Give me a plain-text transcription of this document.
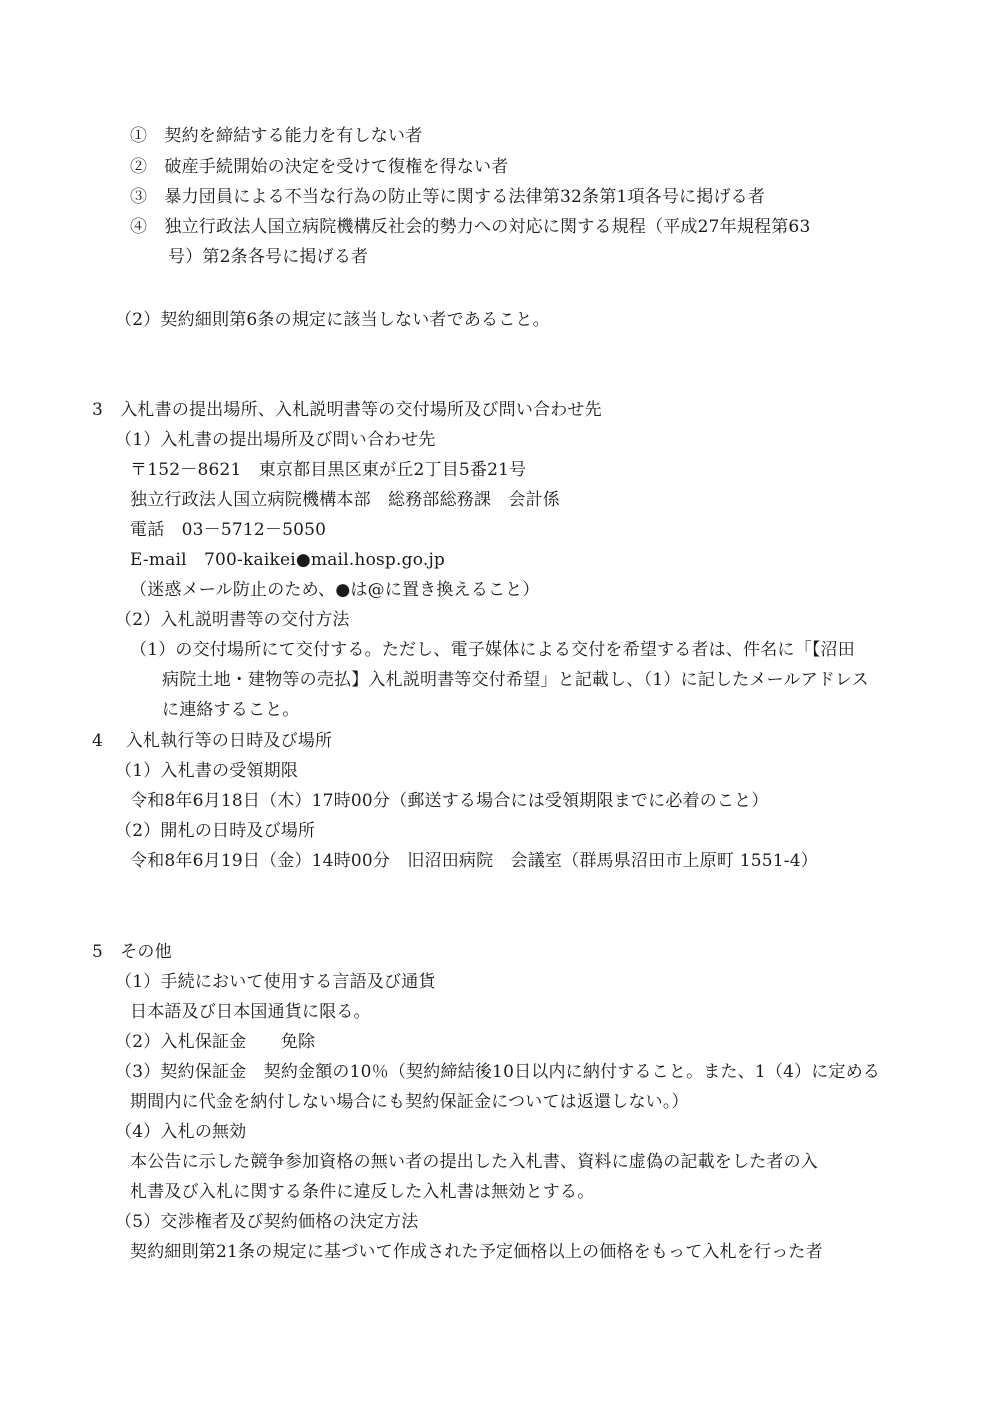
①　契約を締結する能力を有しない者
②　破産手続開始の決定を受けて復権を得ない者
③　暴力団員による不当な行為の防止等に関する法律第32条第1項各号に掲げる者
④　独立行政法人国立病院機構反社会的勢力への対応に関する規程（平成27年規程第63
号）第2条各号に掲げる者
（2）契約細則第6条の規定に該当しない者であること。
3　入札書の提出場所、入札説明書等の交付場所及び問い合わせ先
（1）入札書の提出場所及び問い合わせ先
〒152－8621　東京都目黒区東が丘2丁目5番21号
独立行政法人国立病院機構本部　総務部総務課　会計係
電話　03－5712－5050
E-mail　700-kaikei●mail.hosp.go.jp
（迷惑メール防止のため、●は@に置き換えること）
（2）入札説明書等の交付方法
（1）の交付場所にて交付する。ただし、電子媒体による交付を希望する者は、件名に「【沼田
病院土地・建物等の売払】入札説明書等交付希望」と記載し、（1）に記したメールアドレス
に連絡すること。
4　 入札執行等の日時及び場所
（1）入札書の受領期限
令和8年6月18日（木）17時00分（郵送する場合には受領期限までに必着のこと）
（2）開札の日時及び場所
令和8年6月19日（金）14時00分　旧沼田病院　会議室（群馬県沼田市上原町 1551-4）
5　その他
（1）手続において使用する言語及び通貨
日本語及び日本国通貨に限る。
（2）入札保証金　　免除
（3）契約保証金　契約金額の10％（契約締結後10日以内に納付すること。また、1（4）に定める
期間内に代金を納付しない場合にも契約保証金については返還しない。）
（4）入札の無効
本公告に示した競争参加資格の無い者の提出した入札書、資料に虚偽の記載をした者の入
札書及び入札に関する条件に違反した入札書は無効とする。
（5）交渉権者及び契約価格の決定方法
契約細則第21条の規定に基づいて作成された予定価格以上の価格をもって入札を行った者
